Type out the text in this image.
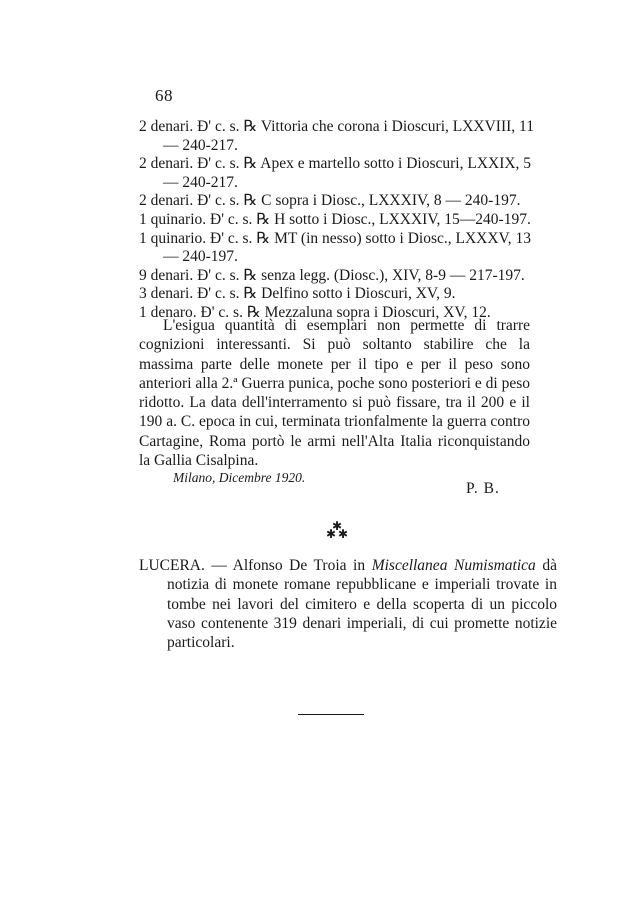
68
2 denari. Đ' c. s. ℞ Vittoria che corona i Dioscuri, LXXVIII, 11 — 240-217.
2 denari. Đ' c. s. ℞ Apex e martello sotto i Dioscuri, LXXIX, 5 — 240-217.
2 denari. Đ' c. s. ℞ C sopra i Diosc., LXXXIV, 8 — 240-197.
1 quinario. Đ' c. s. ℞ H sotto i Diosc., LXXXIV, 15—240-197.
1 quinario. Đ' c. s. ℞ MT (in nesso) sotto i Diosc., LXXXV, 13 — 240-197.
9 denari. Đ' c. s. ℞ senza legg. (Diosc.), XIV, 8-9 — 217-197.
3 denari. Đ' c. s. ℞ Delfino sotto i Dioscuri, XV, 9.
1 denaro. Đ' c. s. ℞ Mezzaluna sopra i Dioscuri, XV, 12.
L'esigua quantità di esemplari non permette di trarre cognizioni interessanti. Si può soltanto stabilire che la massima parte delle monete per il tipo e per il peso sono anteriori alla 2.ª Guerra punica, poche sono posteriori e di peso ridotto. La data dell'interramento si può fissare, tra il 200 e il 190 a. C. epoca in cui, terminata trionfalmente la guerra contro Cartagine, Roma portò le armi nell'Alta Italia riconquistando la Gallia Cisalpina.
Milano, Dicembre 1920.
P. B.
✱
✱ ✱
LUCERA. — Alfonso De Troia in Miscellanea Numismatica dà notizia di monete romane repubblicane e imperiali trovate in tombe nei lavori del cimitero e della scoperta di un piccolo vaso contenente 319 denari imperiali, di cui promette notizie particolari.
